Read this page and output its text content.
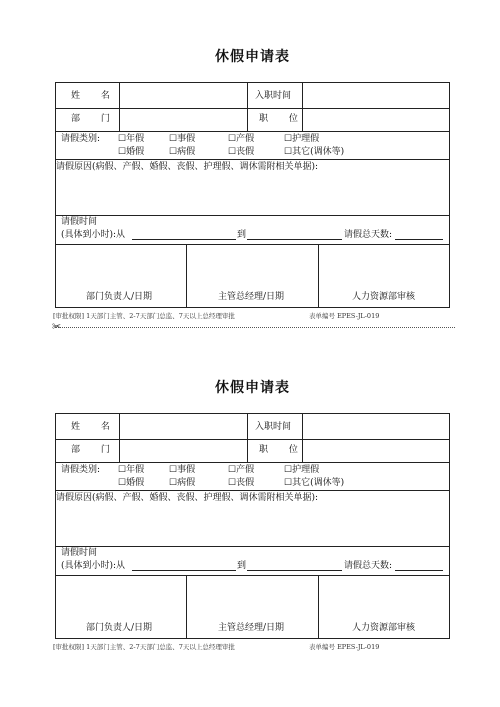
休假申请表
姓 名	入职时间
部 门	职 位
请假类别: ☐年假	☐事假	☐产假	☐护理假
☐婚假	☐病假	☐丧假	☐其它(调休等)
请假原因(病假、产假、婚假、丧假、护理假、调休需附相关单据):
请假时间
(具体到小时):从	到	请假总天数:
部门负责人/日期	主管总经理/日期	人力资源部审核
[审批权限] 1天部门主管、2-7天部门总监、7天以上总经理审批	表单编号 EPES-JL-019
✂
休假申请表
姓 名	入职时间
部 门	职 位
请假类别: ☐年假	☐事假	☐产假	☐护理假
☐婚假	☐病假	☐丧假	☐其它(调休等)
请假原因(病假、产假、婚假、丧假、护理假、调休需附相关单据):
请假时间
(具体到小时):从	到	请假总天数:
部门负责人/日期	主管总经理/日期	人力资源部审核
[审批权限] 1天部门主管、2-7天部门总监、7天以上总经理审批	表单编号 EPES-JL-019
